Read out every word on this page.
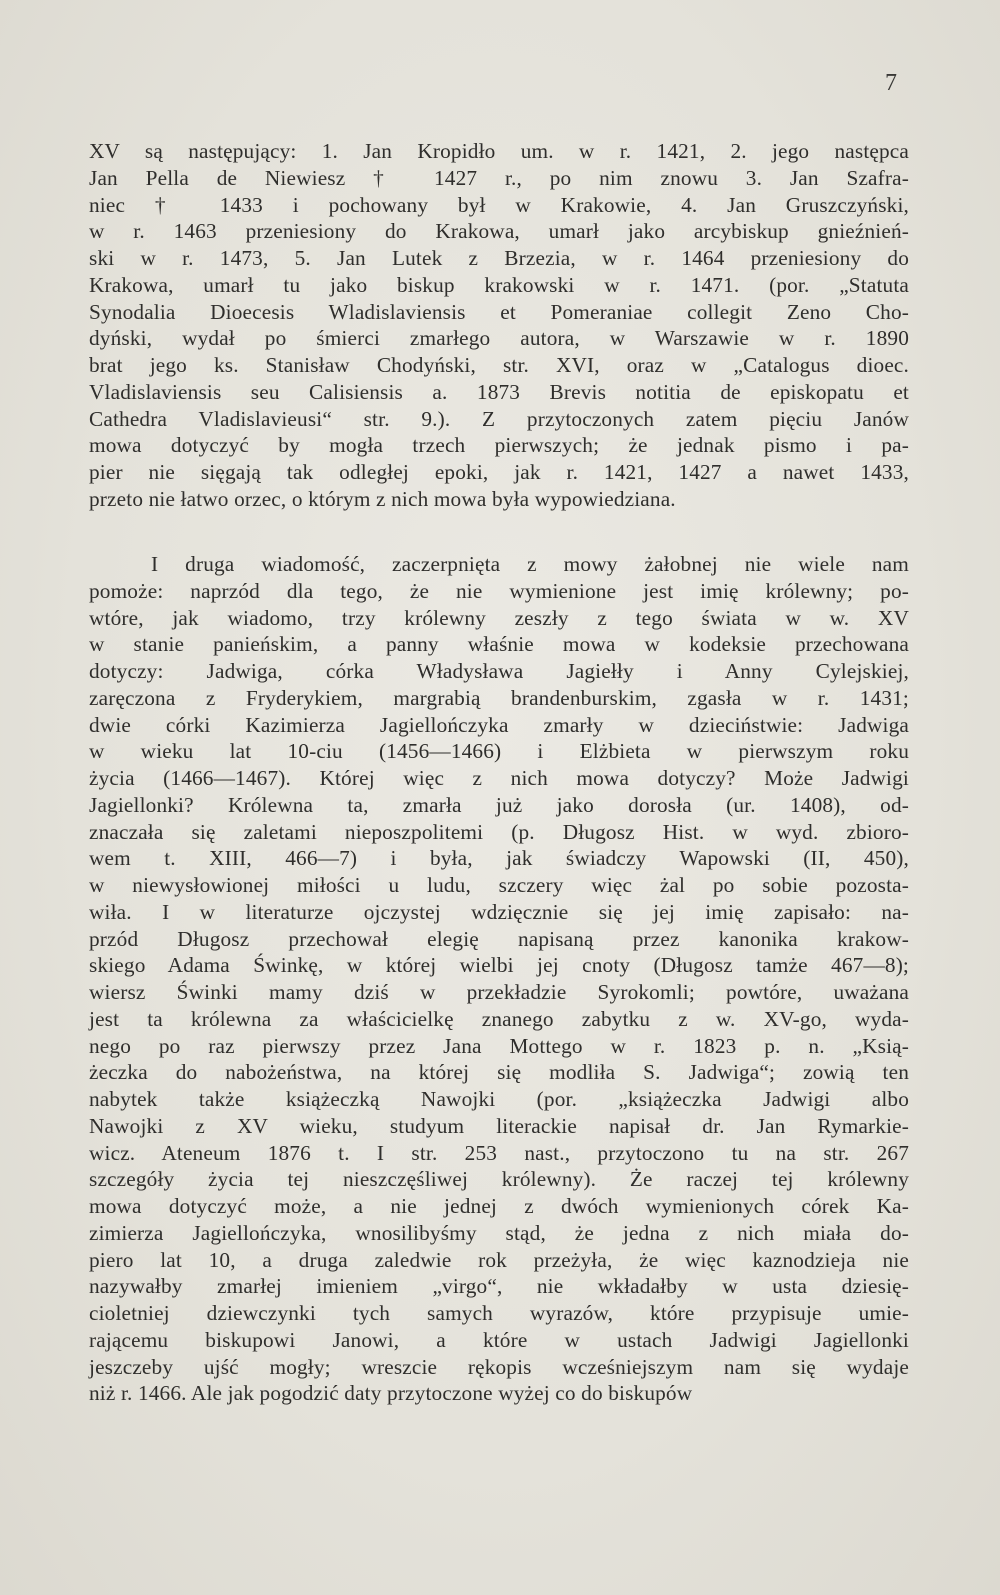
7
XV są następujący: 1. Jan Kropidło um. w r. 1421, 2. jego następca
Jan Pella de Niewiesz † 1427 r., po nim znowu 3. Jan Szafra-
niec † 1433 i pochowany był w Krakowie, 4. Jan Gruszczyński,
w r. 1463 przeniesiony do Krakowa, umarł jako arcybiskup gnieźnień-
ski w r. 1473, 5. Jan Lutek z Brzezia, w r. 1464 przeniesiony do
Krakowa, umarł tu jako biskup krakowski w r. 1471. (por. „Statuta
Synodalia Dioecesis Wladislaviensis et Pomeraniae collegit Zeno Cho-
dyński, wydał po śmierci zmarłego autora, w Warszawie w r. 1890
brat jego ks. Stanisław Chodyński, str. XVI, oraz w „Catalogus dioec.
Vladislaviensis seu Calisiensis a. 1873 Brevis notitia de episkopatu et
Cathedra Vladislavieusi“ str. 9.). Z przytoczonych zatem pięciu Janów
mowa dotyczyć by mogła trzech pierwszych; że jednak pismo i pa-
pier nie sięgają tak odległej epoki, jak r. 1421, 1427 a nawet 1433,
przeto nie łatwo orzec, o którym z nich mowa była wypowiedziana.
I druga wiadomość, zaczerpnięta z mowy żałobnej nie wiele nam
pomoże: naprzód dla tego, że nie wymienione jest imię królewny; po-
wtóre, jak wiadomo, trzy królewny zeszły z tego świata w w. XV
w stanie panieńskim, a panny właśnie mowa w kodeksie przechowana
dotyczy: Jadwiga, córka Władysława Jagiełły i Anny Cylejskiej,
zaręczona z Fryderykiem, margrabią brandenburskim, zgasła w r. 1431;
dwie córki Kazimierza Jagiellończyka zmarły w dzieciństwie: Jadwiga
w wieku lat 10-ciu (1456—1466) i Elżbieta w pierwszym roku
życia (1466—1467). Której więc z nich mowa dotyczy? Może Jadwigi
Jagiellonki? Królewna ta, zmarła już jako dorosła (ur. 1408), od-
znaczała się zaletami nieposzpolitemi (p. Długosz Hist. w wyd. zbioro-
wem t. XIII, 466—7) i była, jak świadczy Wapowski (II, 450),
w niewysłowionej miłości u ludu, szczery więc żal po sobie pozosta-
wiła. I w literaturze ojczystej wdzięcznie się jej imię zapisało: na-
przód Długosz przechował elegię napisaną przez kanonika krakow-
skiego Adama Świnkę, w której wielbi jej cnoty (Długosz tamże 467—8);
wiersz Świnki mamy dziś w przekładzie Syrokomli; powtóre, uważana
jest ta królewna za właścicielkę znanego zabytku z w. XV-go, wyda-
nego po raz pierwszy przez Jana Mottego w r. 1823 p. n. „Ksią-
żeczka do nabożeństwa, na której się modliła S. Jadwiga“; zowią ten
nabytek także książeczką Nawojki (por. „książeczka Jadwigi albo
Nawojki z XV wieku, studyum literackie napisał dr. Jan Rymarkie-
wicz. Ateneum 1876 t. I str. 253 nast., przytoczono tu na str. 267
szczegóły życia tej nieszczęśliwej królewny). Że raczej tej królewny
mowa dotyczyć może, a nie jednej z dwóch wymienionych córek Ka-
zimierza Jagiellończyka, wnosilibyśmy stąd, że jedna z nich miała do-
piero lat 10, a druga zaledwie rok przeżyła, że więc kaznodzieja nie
nazywałby zmarłej imieniem „virgo“, nie wkładałby w usta dziesię-
cioletniej dziewczynki tych samych wyrazów, które przypisuje umie-
rającemu biskupowi Janowi, a które w ustach Jadwigi Jagiellonki
jeszczeby ujść mogły; wreszcie rękopis wcześniejszym nam się wydaje
niż r. 1466. Ale jak pogodzić daty przytoczone wyżej co do biskupów
